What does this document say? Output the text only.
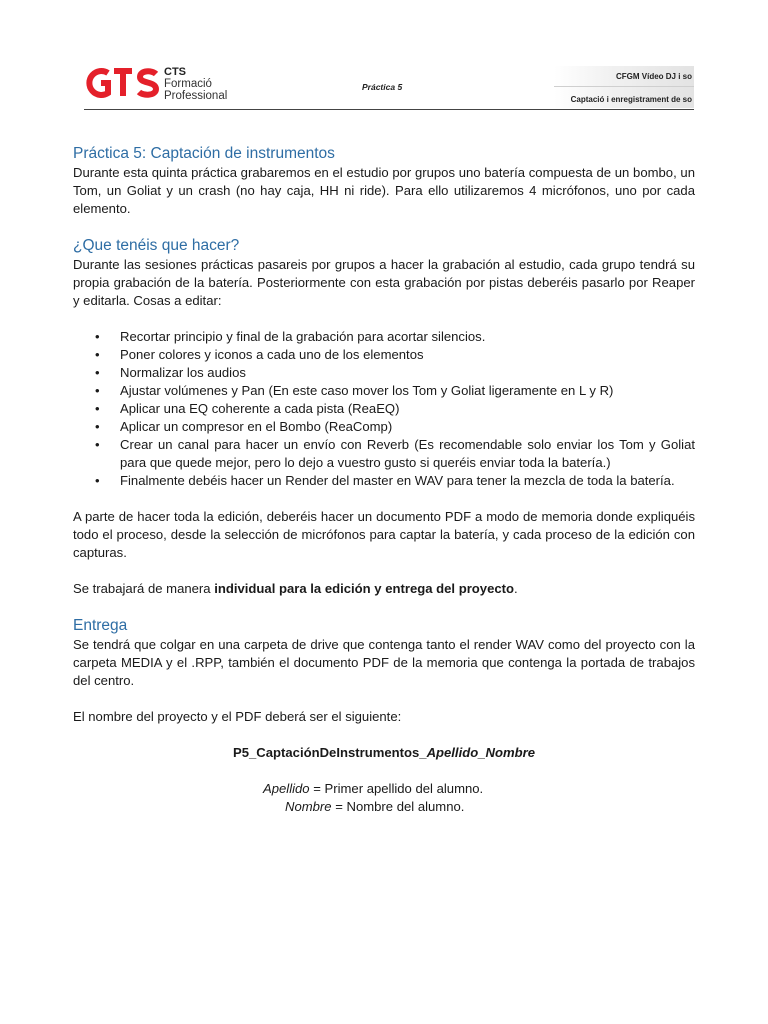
CTS
Formació
Professional
Práctica 5
CFGM Vídeo DJ i so
Captació i enregistrament de so
Práctica 5: Captación de instrumentos

Durante esta quinta práctica grabaremos en el estudio por grupos uno batería compuesta de un bombo, un Tom, un Goliat y un crash (no hay caja, HH ni ride). Para ello utilizaremos 4 micrófonos, uno por cada elemento.

¿Que tenéis que hacer?

Durante las sesiones prácticas pasareis por grupos a hacer la grabación al estudio, cada grupo tendrá su propia grabación de la batería. Posteriormente con esta grabación por pistas deberéis pasarlo por Reaper y editarla. Cosas a editar:

• Recortar principio y final de la grabación para acortar silencios.
• Poner colores y iconos a cada uno de los elementos
• Normalizar los audios
• Ajustar volúmenes y Pan (En este caso mover los Tom y Goliat ligeramente en L y R)
• Aplicar una EQ coherente a cada pista (ReaEQ)
• Aplicar un compresor en el Bombo (ReaComp)
• Crear un canal para hacer un envío con Reverb (Es recomendable solo enviar los Tom y Goliat para que quede mejor, pero lo dejo a vuestro gusto si queréis enviar toda la batería.)
• Finalmente debéis hacer un Render del master en WAV para tener la mezcla de toda la batería.

A parte de hacer toda la edición, deberéis hacer un documento PDF a modo de memoria donde expliquéis todo el proceso, desde la selección de micrófonos para captar la batería, y cada proceso de la edición con capturas.

Se trabajará de manera individual para la edición y entrega del proyecto.

Entrega

Se tendrá que colgar en una carpeta de drive que contenga tanto el render WAV como del proyecto con la carpeta MEDIA y el .RPP, también el documento PDF de la memoria que contenga la portada de trabajos del centro.

El nombre del proyecto y el PDF deberá ser el siguiente:

P5_CaptaciónDeInstrumentos_Apellido_Nombre
Apellido = Primer apellido del alumno.
Nombre = Nombre del alumno.
